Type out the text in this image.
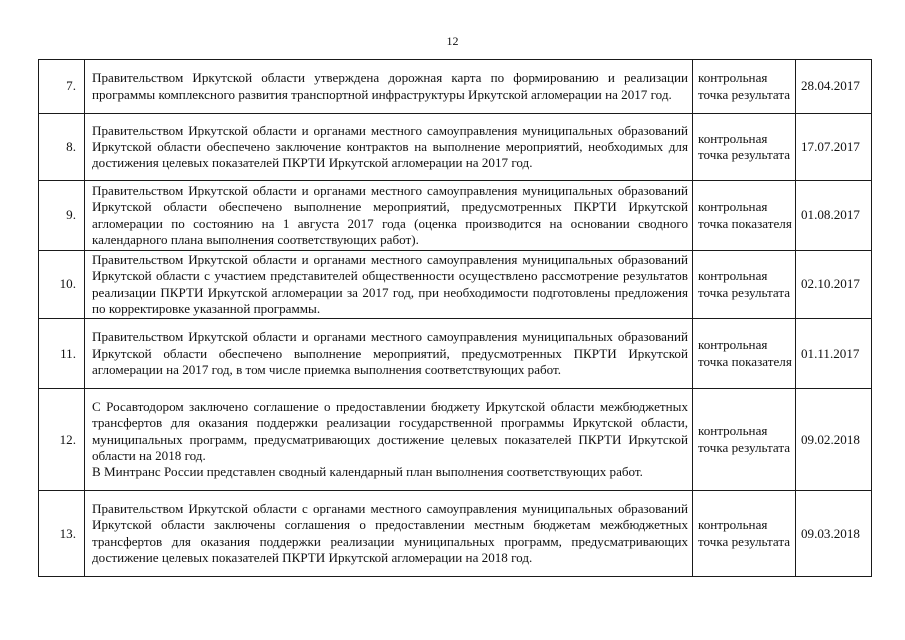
12
7.	Правительством Иркутской области утверждена дорожная карта по формированию и реализации программы комплексного развития транспортной инфраструктуры Иркутской агломерации на 2017 год.	контрольная точка результата	28.04.2017
8.	Правительством Иркутской области и органами местного самоуправления муниципальных образований Иркутской области обеспечено заключение контрактов на выполнение мероприятий, необходимых для достижения целевых показателей ПКРТИ Иркутской агломерации на 2017 год.	контрольная точка результата	17.07.2017
9.	Правительством Иркутской области и органами местного самоуправления муниципальных образований Иркутской области обеспечено выполнение мероприятий, предусмотренных ПКРТИ Иркутской агломерации по состоянию на 1 августа 2017 года (оценка производится на основании сводного календарного плана выполнения соответствующих работ).	контрольная точка показателя	01.08.2017
10.	Правительством Иркутской области и органами местного самоуправления муниципальных образований Иркутской области с участием представителей общественности осуществлено рассмотрение результатов реализации ПКРТИ Иркутской агломерации за 2017 год, при необходимости подготовлены предложения по корректировке указанной программы.	контрольная точка результата	02.10.2017
11.	Правительством Иркутской области и органами местного самоуправления муниципальных образований Иркутской области обеспечено выполнение мероприятий, предусмотренных ПКРТИ Иркутской агломерации на 2017 год, в том числе приемка выполнения соответствующих работ.	контрольная точка показателя	01.11.2017
12.	С Росавтодором заключено соглашение о предоставлении бюджету Иркутской области межбюджетных трансфертов для оказания поддержки реализации государственной программы Иркутской области, муниципальных программ, предусматривающих достижение целевых показателей ПКРТИ Иркутской области на 2018 год.
В Минтранс России представлен сводный календарный план выполнения соответствующих работ.	контрольная точка результата	09.02.2018
13.	Правительством Иркутской области с органами местного самоуправления муниципальных образований Иркутской области заключены соглашения о предоставлении местным бюджетам межбюджетных трансфертов для оказания поддержки реализации муниципальных программ, предусматривающих достижение целевых показателей ПКРТИ Иркутской агломерации на 2018 год.	контрольная точка результата	09.03.2018
